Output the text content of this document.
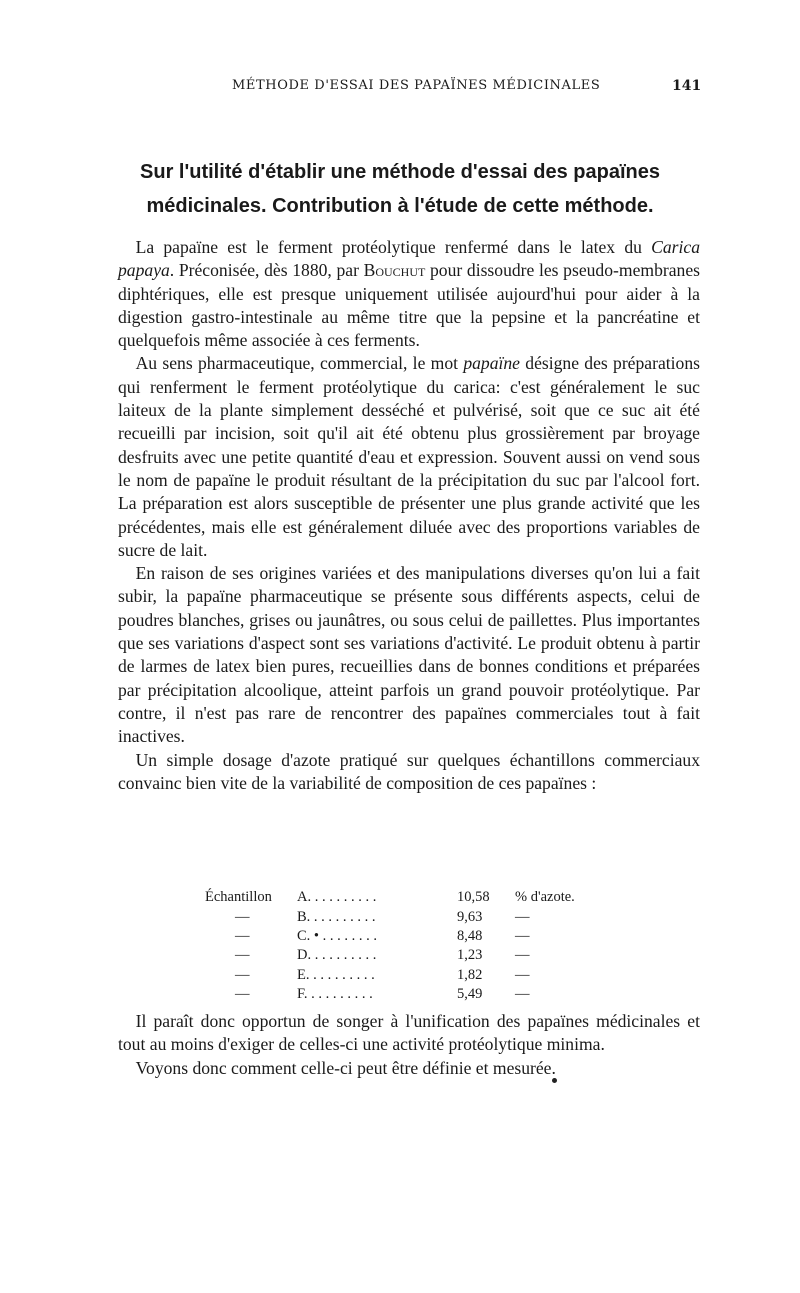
MÉTHODE D'ESSAI DES PAPAÏNES MÉDICINALES	141
Sur l'utilité d'établir une méthode d'essai des papaïnes médicinales. Contribution à l'étude de cette méthode.

 La papaïne est le ferment protéolytique renfermé dans le latex du Carica papaya. Préconisée, dès 1880, par Bouchut pour dissoudre les pseudo-membranes diphtériques, elle est presque uniquement utilisée aujourd'hui pour aider à la digestion gastro-intestinale au même titre que la pepsine et la pancréatine et quelquefois même associée à ces ferments.

 Au sens pharmaceutique, commercial, le mot papaïne désigne des préparations qui renferment le ferment protéolytique du carica: c'est généralement le suc laiteux de la plante simplement desséché et pulvérisé, soit que ce suc ait été recueilli par incision, soit qu'il ait été obtenu plus grossièrement par broyage desfruits avec une petite quantité d'eau et expression. Souvent aussi on vend sous le nom de papaïne le produit résultant de la précipitation du suc par l'alcool fort. La préparation est alors susceptible de présenter une plus grande activité que les précédentes, mais elle est généralement diluée avec des proportions variables de sucre de lait.

 En raison de ses origines variées et des manipulations diverses qu'on lui a fait subir, la papaïne pharmaceutique se présente sous différents aspects, celui de poudres blanches, grises ou jaunâtres, ou sous celui de paillettes. Plus importantes que ses variations d'aspect sont ses variations d'activité. Le produit obtenu à partir de larmes de latex bien pures, recueillies dans de bonnes conditions et préparées par précipitation alcoolique, atteint parfois un grand pouvoir protéolytique. Par contre, il n'est pas rare de rencontrer des papaïnes commerciales tout à fait inactives.

 Un simple dosage d'azote pratiqué sur quelques échantillons commerciaux convainc bien vite de la variabilité de composition de ces papaïnes :

Échantillon	A. . . . . . . . . .	10,58	% d'azote.
—	B. . . . . . . . . .	9,63	—
—	C. • . . . . . . . .	8,48	—
—	D. . . . . . . . . .	1,23	—
—	E. . . . . . . . . .	1,82	—
—	F. . . . . . . . . .	5,49	—

 Il paraît donc opportun de songer à l'unification des papaïnes médicinales et tout au moins d'exiger de celles-ci une activité protéolytique minima.

 Voyons donc comment celle-ci peut être définie et mesurée.
